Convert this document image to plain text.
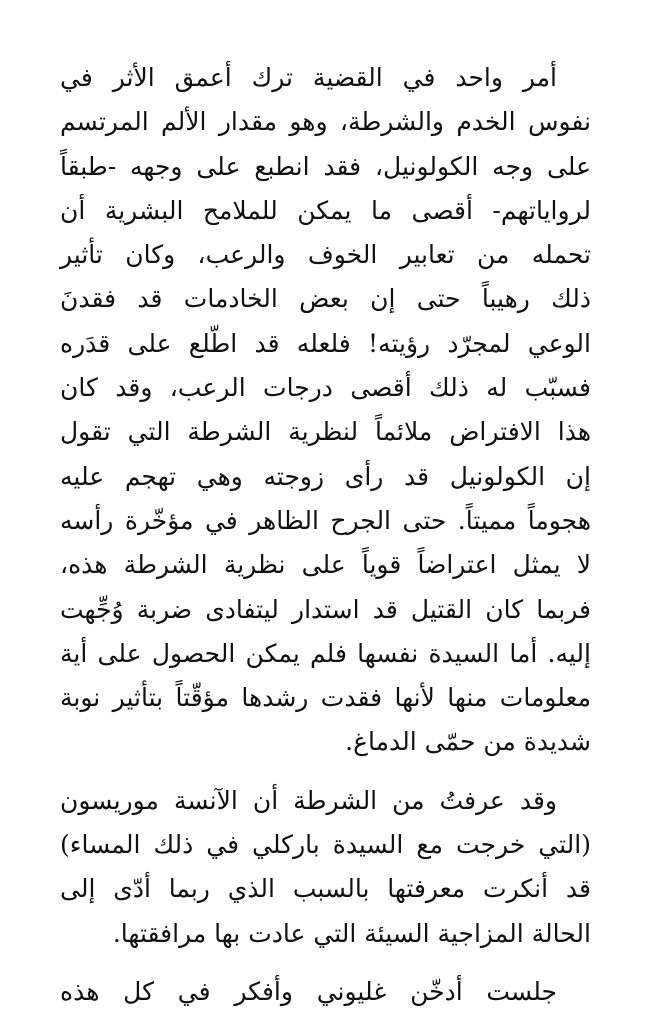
أمر واحد في القضية ترك أعمق الأثر في
نفوس الخدم والشرطة، وهو مقدار الألم المرتسم
على وجه الكولونيل، فقد انطبع على وجهه -طبقاً
لرواياتهم- أقصى ما يمكن للملامح البشرية أن
تحمله من تعابير الخوف والرعب، وكان تأثير
ذلك رهيباً حتى إن بعض الخادمات قد فقدنَ
الوعي لمجرّد رؤيته! فلعله قد اطّلع على قدَره
فسبّب له ذلك أقصى درجات الرعب، وقد كان
هذا الافتراض ملائماً لنظرية الشرطة التي تقول
إن الكولونيل قد رأى زوجته وهي تهجم عليه
هجوماً مميتاً. حتى الجرح الظاهر في مؤخّرة رأسه
لا يمثل اعتراضاً قوياً على نظرية الشرطة هذه،
فربما كان القتيل قد استدار ليتفادى ضربة وُجِّهت
إليه. أما السيدة نفسها فلم يمكن الحصول على أية
معلومات منها لأنها فقدت رشدها مؤقّتاً بتأثير نوبة
شديدة من حمّى الدماغ.
وقد عرفتُ من الشرطة أن الآنسة موريسون
(التي خرجت مع السيدة باركلي في ذلك المساء)
قد أنكرت معرفتها بالسبب الذي ربما أدّى إلى
الحالة المزاجية السيئة التي عادت بها مرافقتها.
جلست أدخّن غليوني وأفكر في كل هذه
